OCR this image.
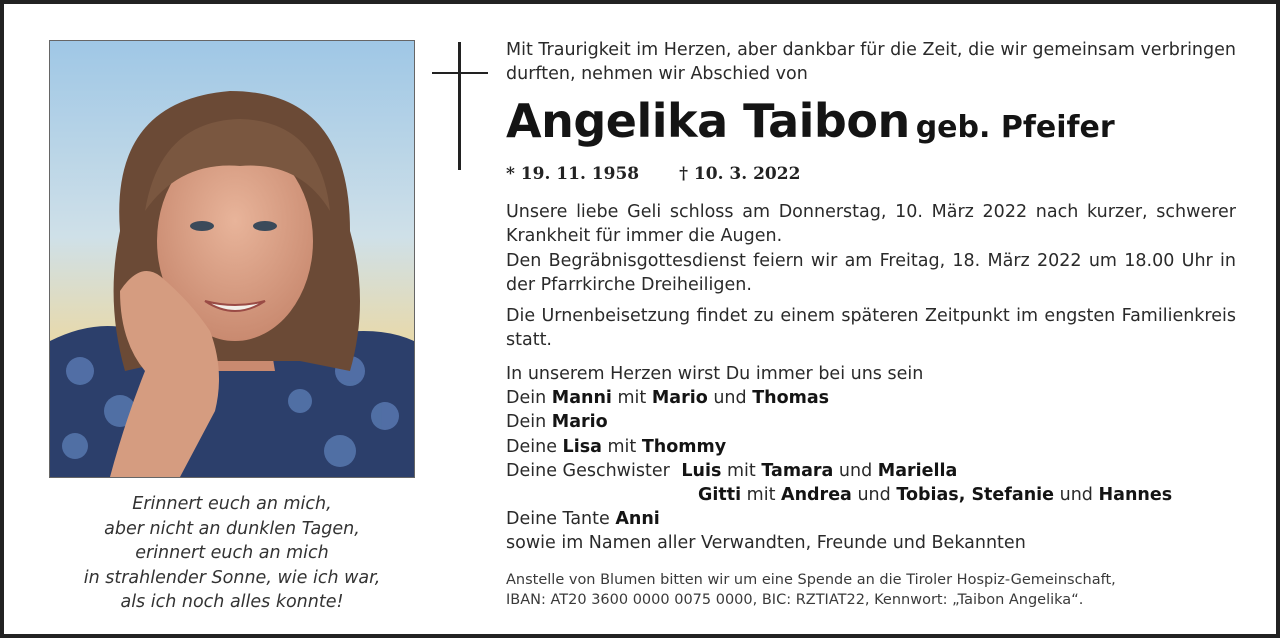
Erinnert euch an mich,
aber nicht an dunklen Tagen,
erinnert euch an mich
in strahlender Sonne, wie ich war,
als ich noch alles konnte!

Mit Traurigkeit im Herzen, aber dankbar für die Zeit, die wir gemeinsam verbringen durften, nehmen wir Abschied von

Angelika Taibon geb. Pfeifer
* 19. 11. 1958 † 10. 3. 2022

Unsere liebe Geli schloss am Donnerstag, 10. März 2022 nach kurzer, schwerer Krankheit für immer die Augen.

Den Begräbnisgottesdienst feiern wir am Freitag, 18. März 2022 um 18.00 Uhr in der Pfarrkirche Dreiheiligen.

Die Urnenbeisetzung findet zu einem späteren Zeitpunkt im engsten Familienkreis statt.

In unserem Herzen wirst Du immer bei uns sein
Dein Manni mit Mario und Thomas
Dein Mario
Deine Lisa mit Thommy
Deine Geschwister Luis mit Tamara und Mariella
Gitti mit Andrea und Tobias, Stefanie und Hannes
Deine Tante Anni
sowie im Namen aller Verwandten, Freunde und Bekannten
Anstelle von Blumen bitten wir um eine Spende an die Tiroler Hospiz-Gemeinschaft,
IBAN: AT20 3600 0000 0075 0000, BIC: RZTIAT22, Kennwort: „Taibon Angelika“.
